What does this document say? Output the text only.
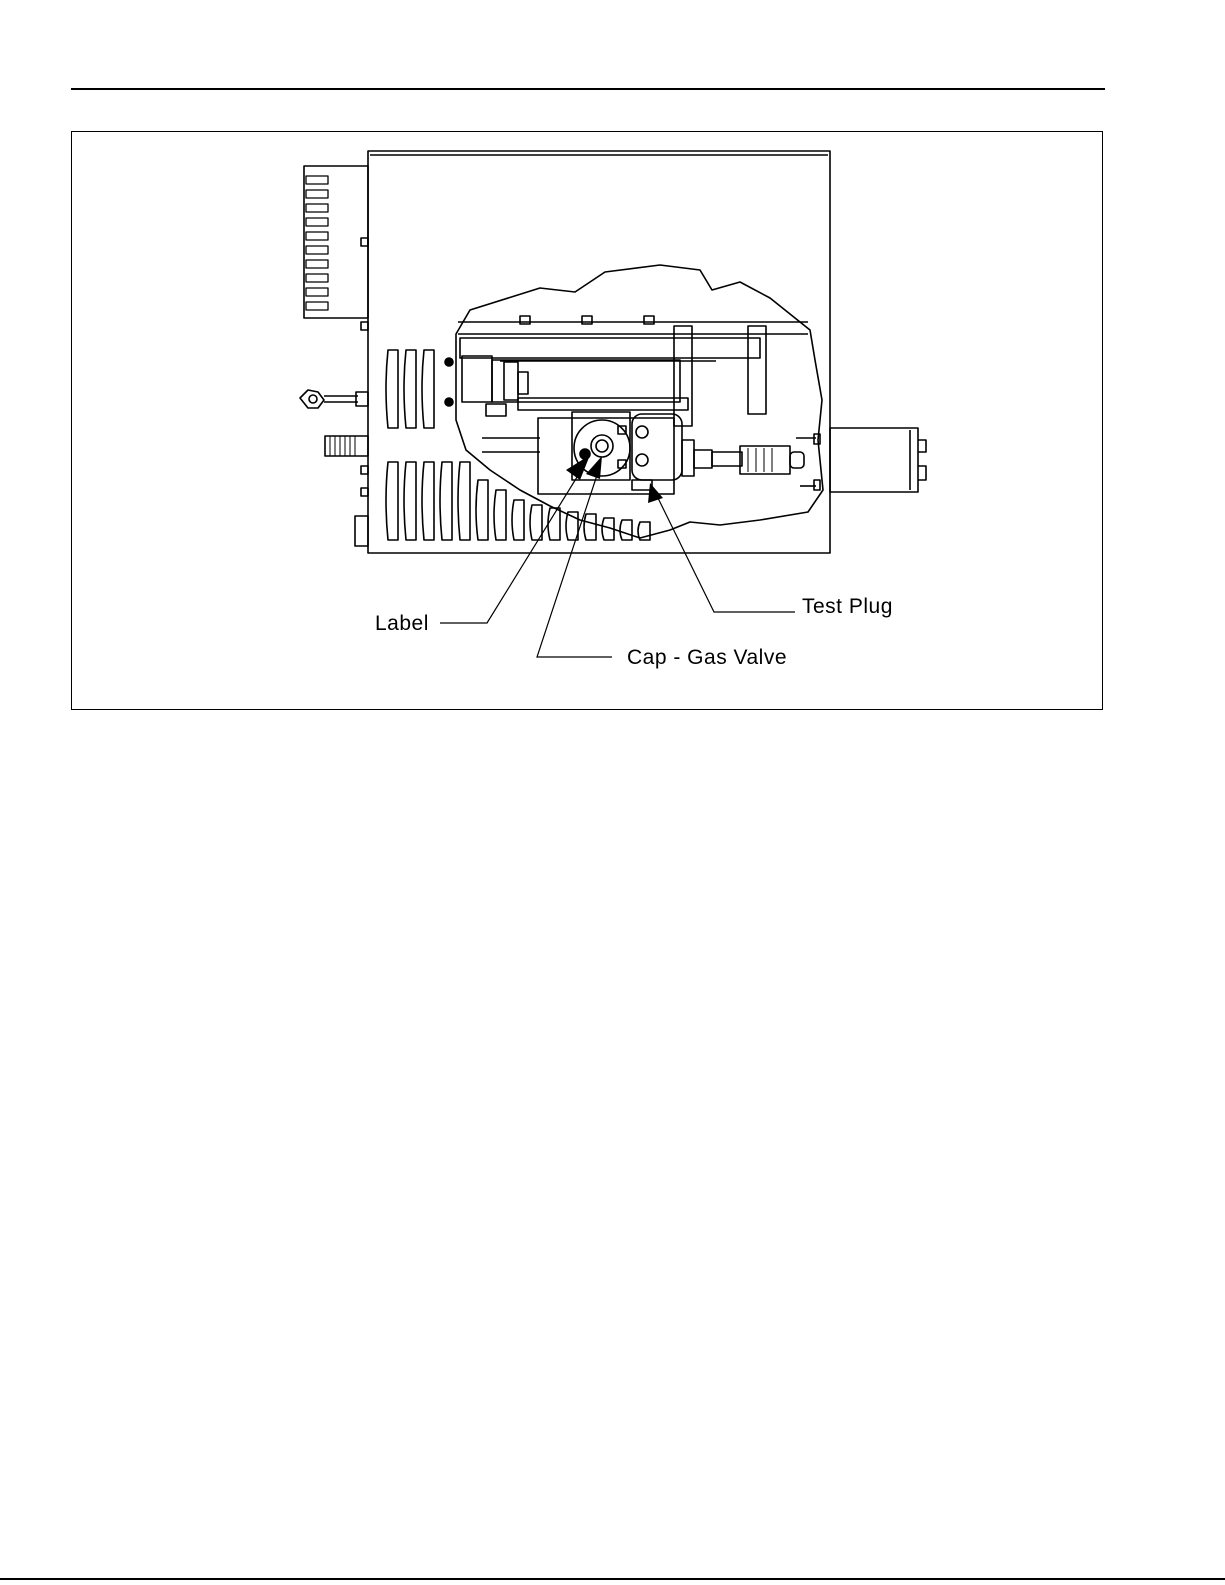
Label
Test Plug
Cap - Gas Valve
